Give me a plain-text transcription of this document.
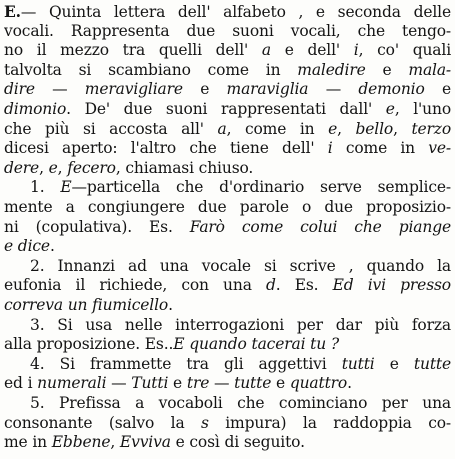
E.— Quinta lettera dell' alfabeto , e seconda delle
vocali. Rappresenta due suoni vocali, che tengo-
no il mezzo tra quelli dell' a e dell' i, co' quali
talvolta si scambiano come in maledire e mala-
dire — meravigliare e maraviglia — demonio e
dimonio. De' due suoni rappresentati dall' e, l'uno
che più si accosta all' a, come in e, bello, terzo
dicesi aperto: l'altro che tiene dell' i come in ve-
dere, e, fecero, chiamasi chiuso.
1. E—particella che d'ordinario serve semplice-
mente a congiungere due parole o due proposizio-
ni (copulativa). Es. Farò come colui che piange
e dice.
2. Innanzi ad una vocale si scrive , quando la
eufonia il richiede, con una d. Es. Ed ivi presso
correva un fiumicello.
3. Si usa nelle interrogazioni per dar più forza
alla proposizione. Es..E quando tacerai tu ?
4. Si frammette tra gli aggettivi tutti e tutte
ed i numerali — Tutti e tre — tutte e quattro.
5. Prefissa a vocaboli che cominciano per una
consonante (salvo la s impura) la raddoppia co-
me in Ebbene, Evviva e così di seguito.
